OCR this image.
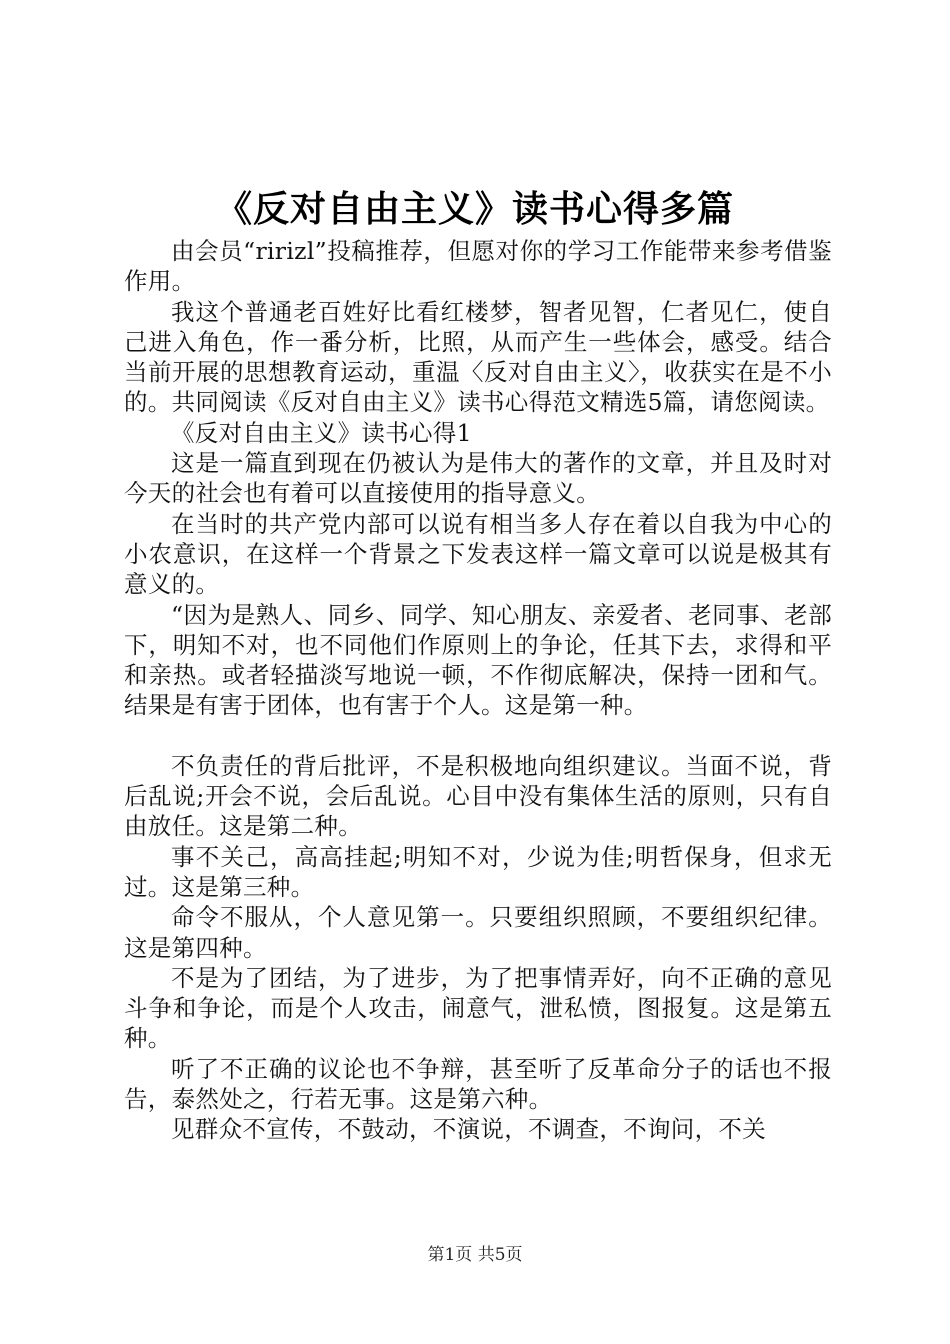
《反对自由主义》读书心得多篇

由会员“ririzl”投稿推荐，但愿对你的学习工作能带来参考借鉴作用。

我这个普通老百姓好比看红楼梦，智者见智，仁者见仁，使自己进入角色，作一番分析，比照，从而产生一些体会，感受。结合当前开展的思想教育运动，重温〈反对自由主义〉，收获实在是不小的。共同阅读《反对自由主义》读书心得范文精选5篇，请您阅读。

《反对自由主义》读书心得1

这是一篇直到现在仍被认为是伟大的著作的文章，并且及时对今天的社会也有着可以直接使用的指导意义。

在当时的共产党内部可以说有相当多人存在着以自我为中心的小农意识，在这样一个背景之下发表这样一篇文章可以说是极其有意义的。

“因为是熟人、同乡、同学、知心朋友、亲爱者、老同事、老部下，明知不对，也不同他们作原则上的争论，任其下去，求得和平和亲热。或者轻描淡写地说一顿，不作彻底解决，保持一团和气。结果是有害于团体，也有害于个人。这是第一种。

不负责任的背后批评，不是积极地向组织建议。当面不说，背后乱说;开会不说，会后乱说。心目中没有集体生活的原则，只有自由放任。这是第二种。

事不关己，高高挂起;明知不对，少说为佳;明哲保身，但求无过。这是第三种。

命令不服从，个人意见第一。只要组织照顾，不要组织纪律。这是第四种。

不是为了团结，为了进步，为了把事情弄好，向不正确的意见斗争和争论，而是个人攻击，闹意气，泄私愤，图报复。这是第五种。

听了不正确的议论也不争辩，甚至听了反革命分子的话也不报告，泰然处之，行若无事。这是第六种。

见群众不宣传，不鼓动，不演说，不调查，不询问，不关

第1页 共5页
